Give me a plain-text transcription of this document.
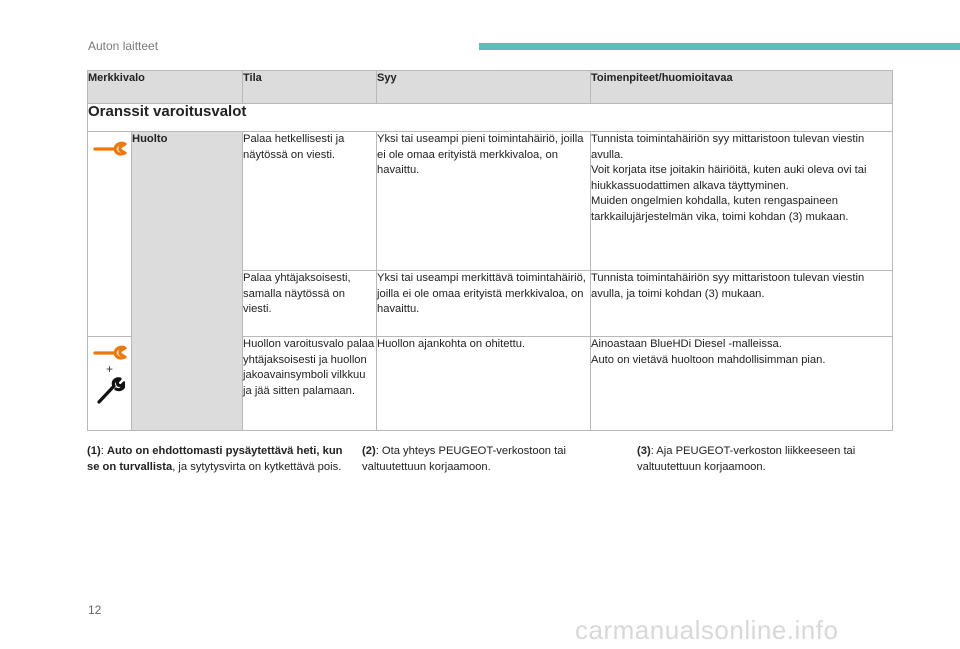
Auton laitteet
Merkkivalo		Tila	Syy	Toimenpiteet/huomioitavaa
Oranssit varoitusvalot				

	Huolto	Palaa hetkellisesti ja näytössä on viesti.	Yksi tai useampi pieni toimintahäiriö, joilla ei ole omaa erityistä merkkivaloa, on havaittu.	Tunnista toimintahäiriön syy mittaristoon tulevan viestin avulla.
Voit korjata itse joitakin häiriöitä, kuten auki oleva ovi tai hiukkassuodattimen alkava täyttyminen.
Muiden ongelmien kohdalla, kuten rengaspaineen tarkkailujärjestelmän vika, toimi kohdan (3) mukaan.

		Palaa yhtäjaksoisesti, samalla näytössä on viesti.	Yksi tai useampi merkittävä toimintahäiriö, joilla ei ole omaa erityistä merkkivaloa, on havaittu.	Tunnista toimintahäiriön syy mittaristoon tulevan viestin avulla, ja toimi kohdan (3) mukaan.

+		Huollon varoitusvalo palaa yhtäjaksoisesti ja huollon jakoavainsymboli vilkkuu ja jää sitten palamaan.	Huollon ajankohta on ohitettu.	Ainoastaan BlueHDi Diesel -malleissa.
Auto on vietävä huoltoon mahdollisimman pian.
(1): Auto on ehdottomasti pysäytettävä heti, kun se on turvallista, ja sytytysvirta on kytkettävä pois.
(2): Ota yhteys PEUGEOT-verkostoon tai valtuutettuun korjaamoon.
(3): Aja PEUGEOT-verkoston liikkeeseen tai valtuutettuun korjaamoon.
12
carmanualsonline.info
